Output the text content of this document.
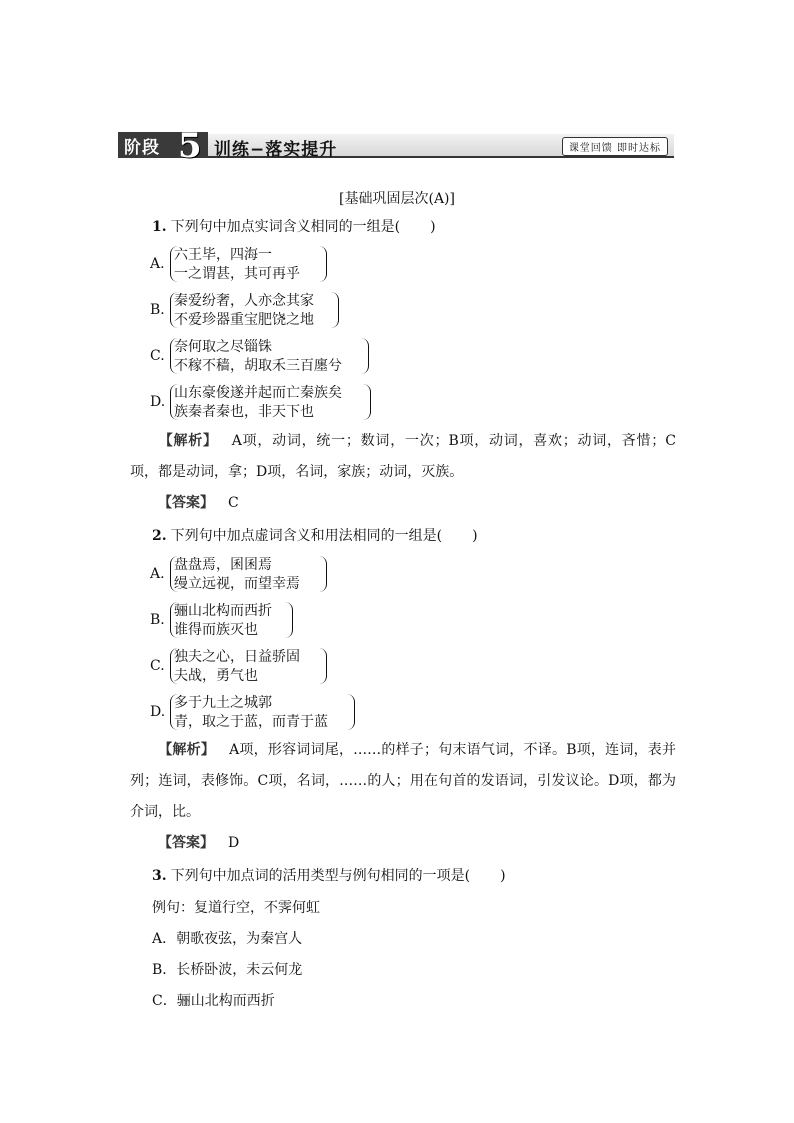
阶段 5 训练−落实提升	课堂回馈 即时达标
[基础巩固层次(A)]
1. 下列句中加点实词含义相同的一组是( )
A.
六王毕，四海一
一之谓甚，其可再乎
B.
秦爱纷奢，人亦念其家
不爱珍器重宝肥饶之地
C.
奈何取之尽锱铢
不稼不穑，胡取禾三百廛兮
D.
山东豪俊遂并起而亡秦族矣
族秦者秦也，非天下也
【解析】 A项，动词，统一；数词，一次；B项，动词，喜欢；动词，吝惜；C项，都是动词，拿；D项，名词，家族；动词，灭族。
【答案】 C
2. 下列句中加点虚词含义和用法相同的一组是( )
A.
盘盘焉，囷囷焉
缦立远视，而望幸焉
B.
骊山北构而西折
谁得而族灭也
C.
独夫之心，日益骄固
夫战，勇气也
D.
多于九土之城郭
青，取之于蓝，而青于蓝
【解析】 A项，形容词词尾，……的样子；句末语气词，不译。B项，连词，表并列；连词，表修饰。C项，名词，……的人；用在句首的发语词，引发议论。D项，都为介词，比。
【答案】 D
3. 下列句中加点词的活用类型与例句相同的一项是( )
例句：复道行空，不霁何虹
A．朝歌夜弦，为秦宫人
B．长桥卧波，未云何龙
C．骊山北构而西折
